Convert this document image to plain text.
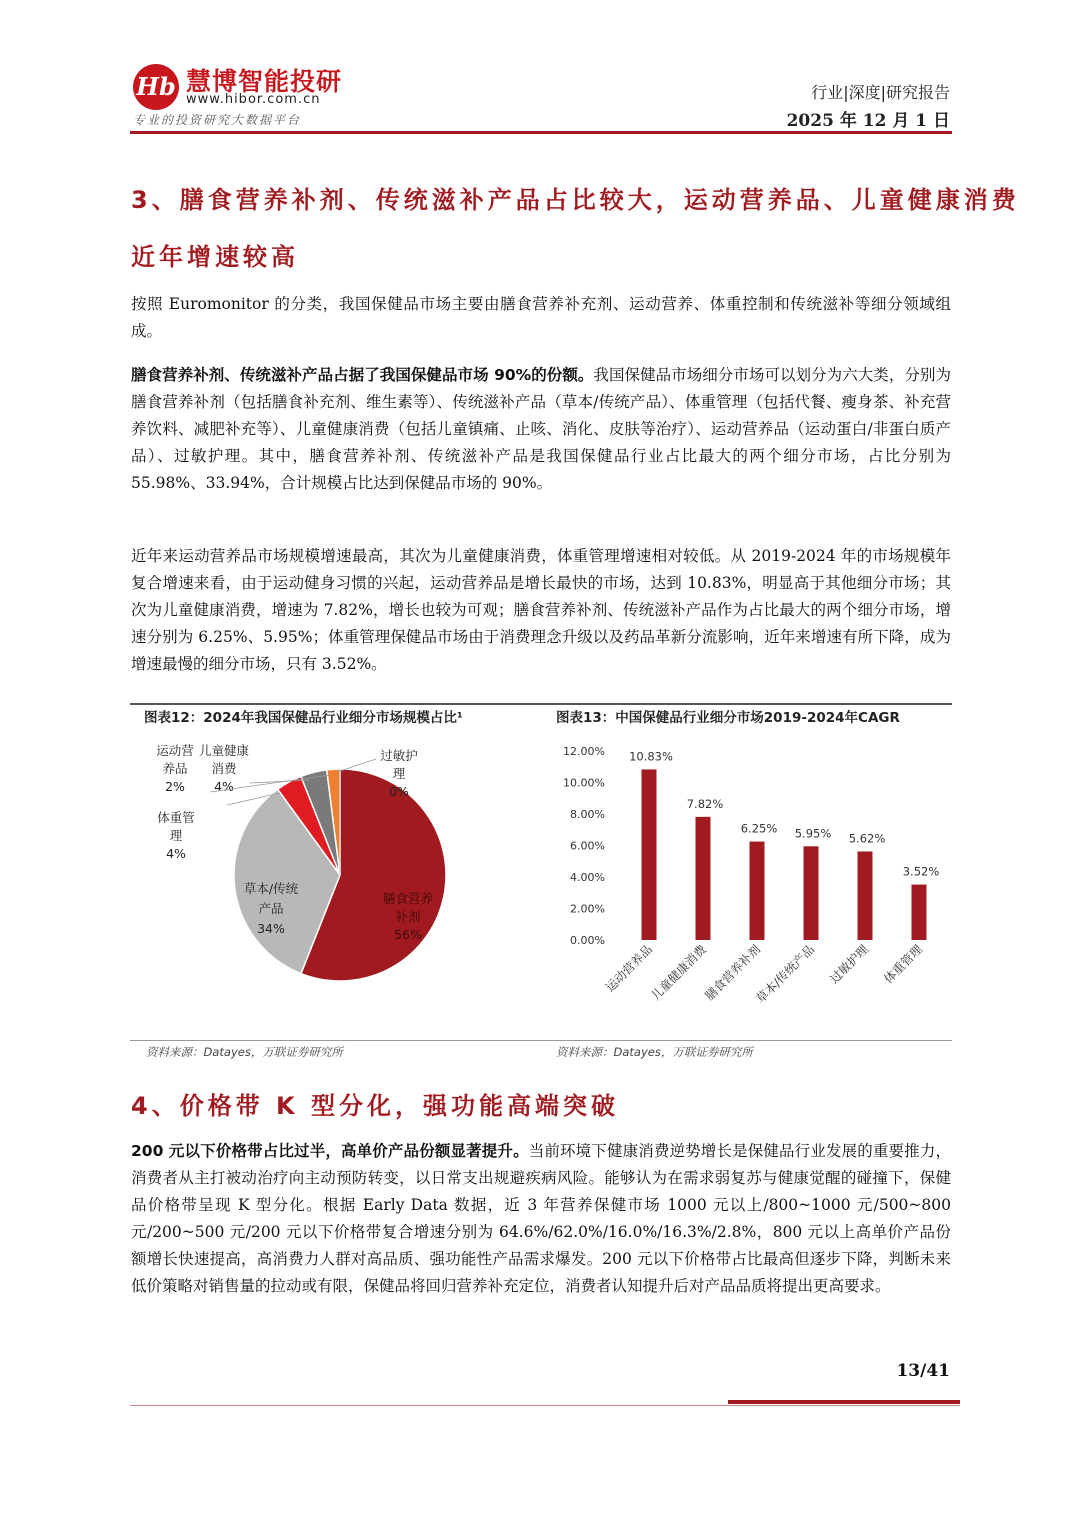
Hb 慧博智能投研
www.hibor.com.cn
专业的投资研究大数据平台
行业|深度|研究报告
2025 年 12 月 1 日
3、膳食营养补剂、传统滋补产品占比较大，运动营养品、儿童健康消费
近年增速较高
按照 Euromonitor 的分类，我国保健品市场主要由膳食营养补充剂、运动营养、体重控制和传统滋补等细分领域组成。
膳食营养补剂、传统滋补产品占据了我国保健品市场 90%的份额。我国保健品市场细分市场可以划分为六大类，分别为膳食营养补剂（包括膳食补充剂、维生素等）、传统滋补产品（草本/传统产品）、体重管理（包括代餐、瘦身茶、补充营养饮料、减肥补充等）、儿童健康消费（包括儿童镇痛、止咳、消化、皮肤等治疗）、运动营养品（运动蛋白/非蛋白质产品）、过敏护理。其中，膳食营养补剂、传统滋补产品是我国保健品行业占比最大的两个细分市场，占比分别为 55.98%、33.94%，合计规模占比达到保健品市场的 90%。
近年来运动营养品市场规模增速最高，其次为儿童健康消费，体重管理增速相对较低。从 2019-2024 年的市场规模年复合增速来看，由于运动健身习惯的兴起，运动营养品是增长最快的市场，达到 10.83%，明显高于其他细分市场；其次为儿童健康消费，增速为 7.82%，增长也较为可观；膳食营养补剂、传统滋补产品作为占比最大的两个细分市场，增速分别为 6.25%、5.95%；体重管理保健品市场由于消费理念升级以及药品革新分流影响，近年来增速有所下降，成为增速最慢的细分市场，只有 3.52%。
图表12：2024年我国保健品行业细分市场规模占比¹	图表13：中国保健品行业细分市场2019-2024年CAGR
膳食营养
补剂
56%
草本/传统
产品
34%
体重管
理
4%
儿童健康
消费
4%
运动营
养品
2%
过敏护
理
0%
0.00%
2.00%
4.00%
6.00%
8.00%
10.00%
12.00% 10.83%
运动营养品
7.82%
儿童健康消费
6.25%
膳食营养补剂
5.95%
草本/传统产品
5.62%
过敏护理
3.52%
体重管理
资料来源：Datayes，万联证券研究所	资料来源：Datayes，万联证券研究所
4、价格带 K 型分化，强功能高端突破
200 元以下价格带占比过半，高单价产品份额显著提升。当前环境下健康消费逆势增长是保健品行业发展的重要推力，消费者从主打被动治疗向主动预防转变，以日常支出规避疾病风险。能够认为在需求弱复苏与健康觉醒的碰撞下，保健品价格带呈现 K 型分化。根据 Early Data 数据，近 3 年营养保健市场 1000 元以上/800~1000 元/500~800 元/200~500 元/200 元以下价格带复合增速分别为 64.6%/62.0%/16.0%/16.3%/2.8%，800 元以上高单价产品份额增长快速提高，高消费力人群对高品质、强功能性产品需求爆发。200 元以下价格带占比最高但逐步下降，判断未来低价策略对销售量的拉动或有限，保健品将回归营养补充定位，消费者认知提升后对产品品质将提出更高要求。
13/41
